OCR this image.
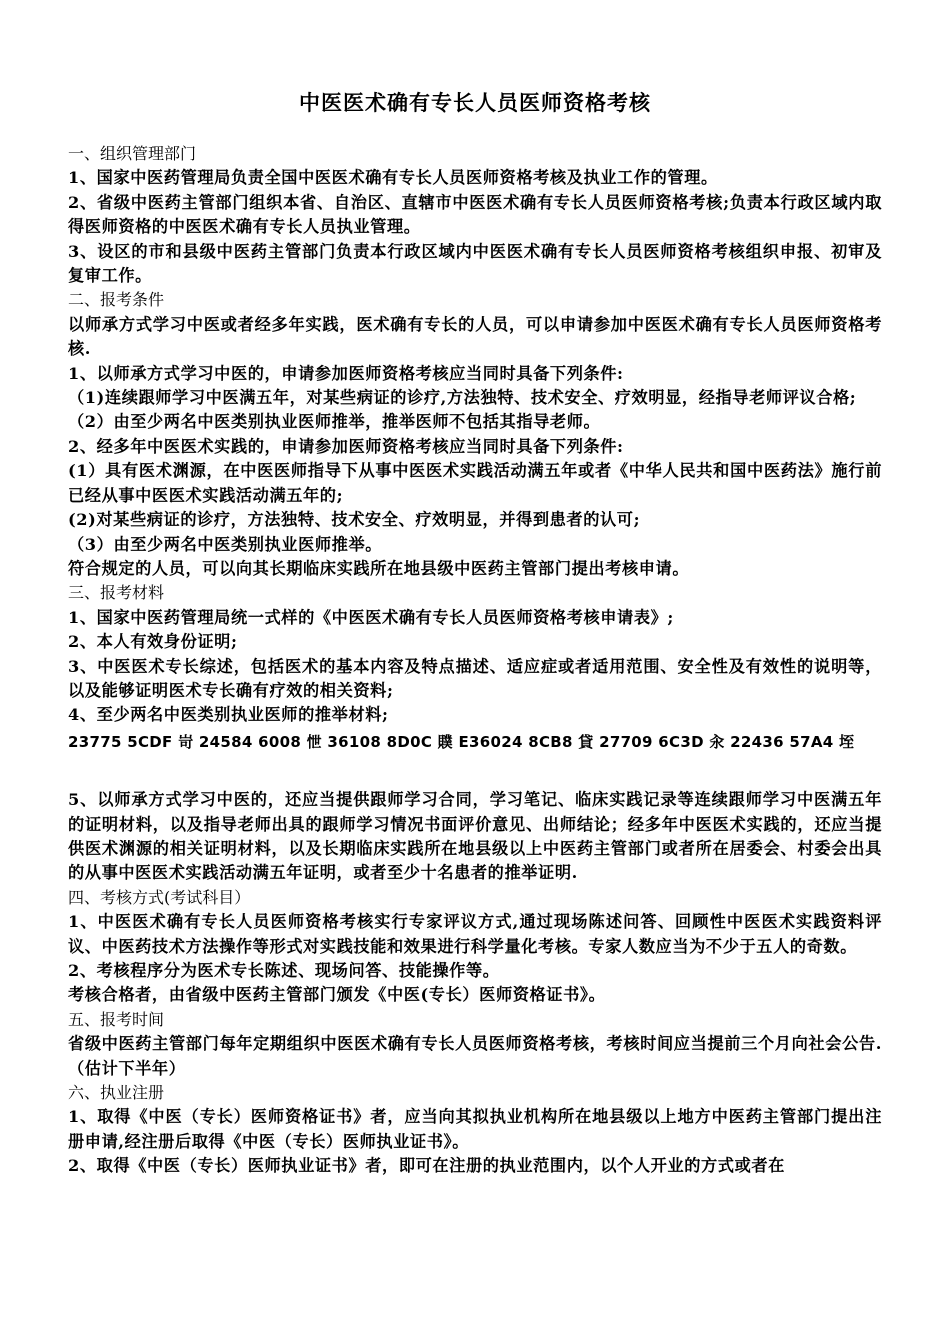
中医医术确有专长人员医师资格考核

一、组织管理部门

1、国家中医药管理局负责全国中医医术确有专长人员医师资格考核及执业工作的管理。

2、省级中医药主管部门组织本省、自治区、直辖市中医医术确有专长人员医师资格考核;负责本行政区域内取得医师资格的中医医术确有专长人员执业管理。

3、设区的市和县级中医药主管部门负责本行政区域内中医医术确有专长人员医师资格考核组织申报、初审及复审工作。

二、报考条件

以师承方式学习中医或者经多年实践，医术确有专长的人员，可以申请参加中医医术确有专长人员医师资格考核.

1、以师承方式学习中医的，申请参加医师资格考核应当同时具备下列条件:

（1)连续跟师学习中医满五年，对某些病证的诊疗,方法独特、技术安全、疗效明显，经指导老师评议合格;

（2）由至少两名中医类别执业医师推举，推举医师不包括其指导老师。

2、经多年中医医术实践的，申请参加医师资格考核应当同时具备下列条件:

(1）具有医术渊源，在中医医师指导下从事中医医术实践活动满五年或者《中华人民共和国中医药法》施行前已经从事中医医术实践活动满五年的;

(2)对某些病证的诊疗，方法独特、技术安全、疗效明显，并得到患者的认可;

（3）由至少两名中医类别执业医师推举。

符合规定的人员，可以向其长期临床实践所在地县级中医药主管部门提出考核申请。

三、报考材料

1、国家中医药管理局统一式样的《中医医术确有专长人员医师资格考核申请表》;

2、本人有效身份证明;

3、中医医术专长综述，包括医术的基本内容及特点描述、适应症或者适用范围、安全性及有效性的说明等，以及能够证明医术专长确有疗效的相关资料;

4、至少两名中医类别执业医师的推举材料;

23775 5CDF 岢 24584 6008 怈 36108 8D0C 贌 E36024 8CB8 貸 27709 6C3D 汆 22436 57A4 垤

5、以师承方式学习中医的，还应当提供跟师学习合同，学习笔记、临床实践记录等连续跟师学习中医满五年的证明材料，以及指导老师出具的跟师学习情况书面评价意见、出师结论；经多年中医医术实践的，还应当提供医术渊源的相关证明材料，以及长期临床实践所在地县级以上中医药主管部门或者所在居委会、村委会出具的从事中医医术实践活动满五年证明，或者至少十名患者的推举证明.

四、考核方式(考试科目）

1、中医医术确有专长人员医师资格考核实行专家评议方式,通过现场陈述问答、回顾性中医医术实践资料评议、中医药技术方法操作等形式对实践技能和效果进行科学量化考核。专家人数应当为不少于五人的奇数。

2、考核程序分为医术专长陈述、现场问答、技能操作等。

考核合格者，由省级中医药主管部门颁发《中医(专长）医师资格证书》。

五、报考时间

省级中医药主管部门每年定期组织中医医术确有专长人员医师资格考核，考核时间应当提前三个月向社会公告.（估计下半年）

六、执业注册

1、取得《中医（专长）医师资格证书》者，应当向其拟执业机构所在地县级以上地方中医药主管部门提出注册申请,经注册后取得《中医（专长）医师执业证书》。

2、取得《中医（专长）医师执业证书》者，即可在注册的执业范围内，以个人开业的方式或者在
